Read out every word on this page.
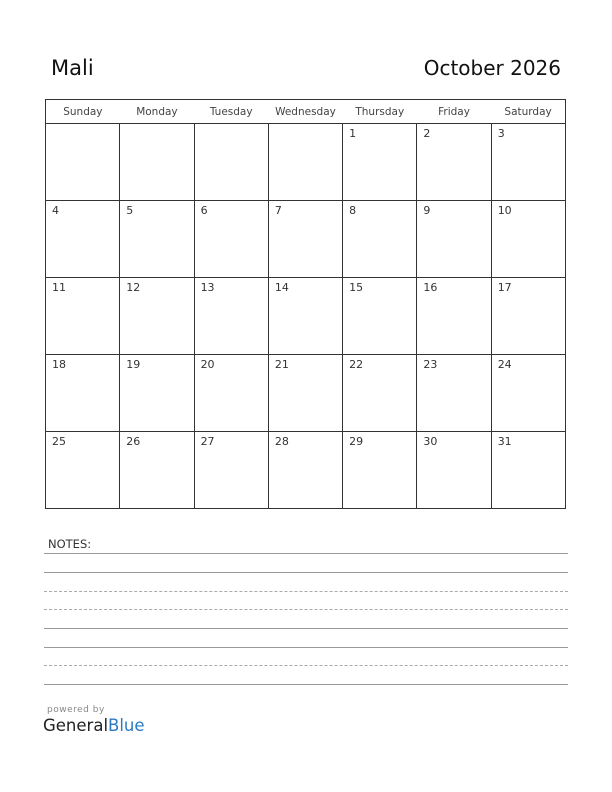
Mali	October 2026
Sunday	Monday	Tuesday	Wednesday	Thursday	Friday	Saturday

				1	2	3

4	5	6	7	8	9	10

11	12	13	14	15	16	17

18	19	20	21	22	23	24

25	26	27	28	29	30	31
NOTES:
powered by
GeneralBlue
